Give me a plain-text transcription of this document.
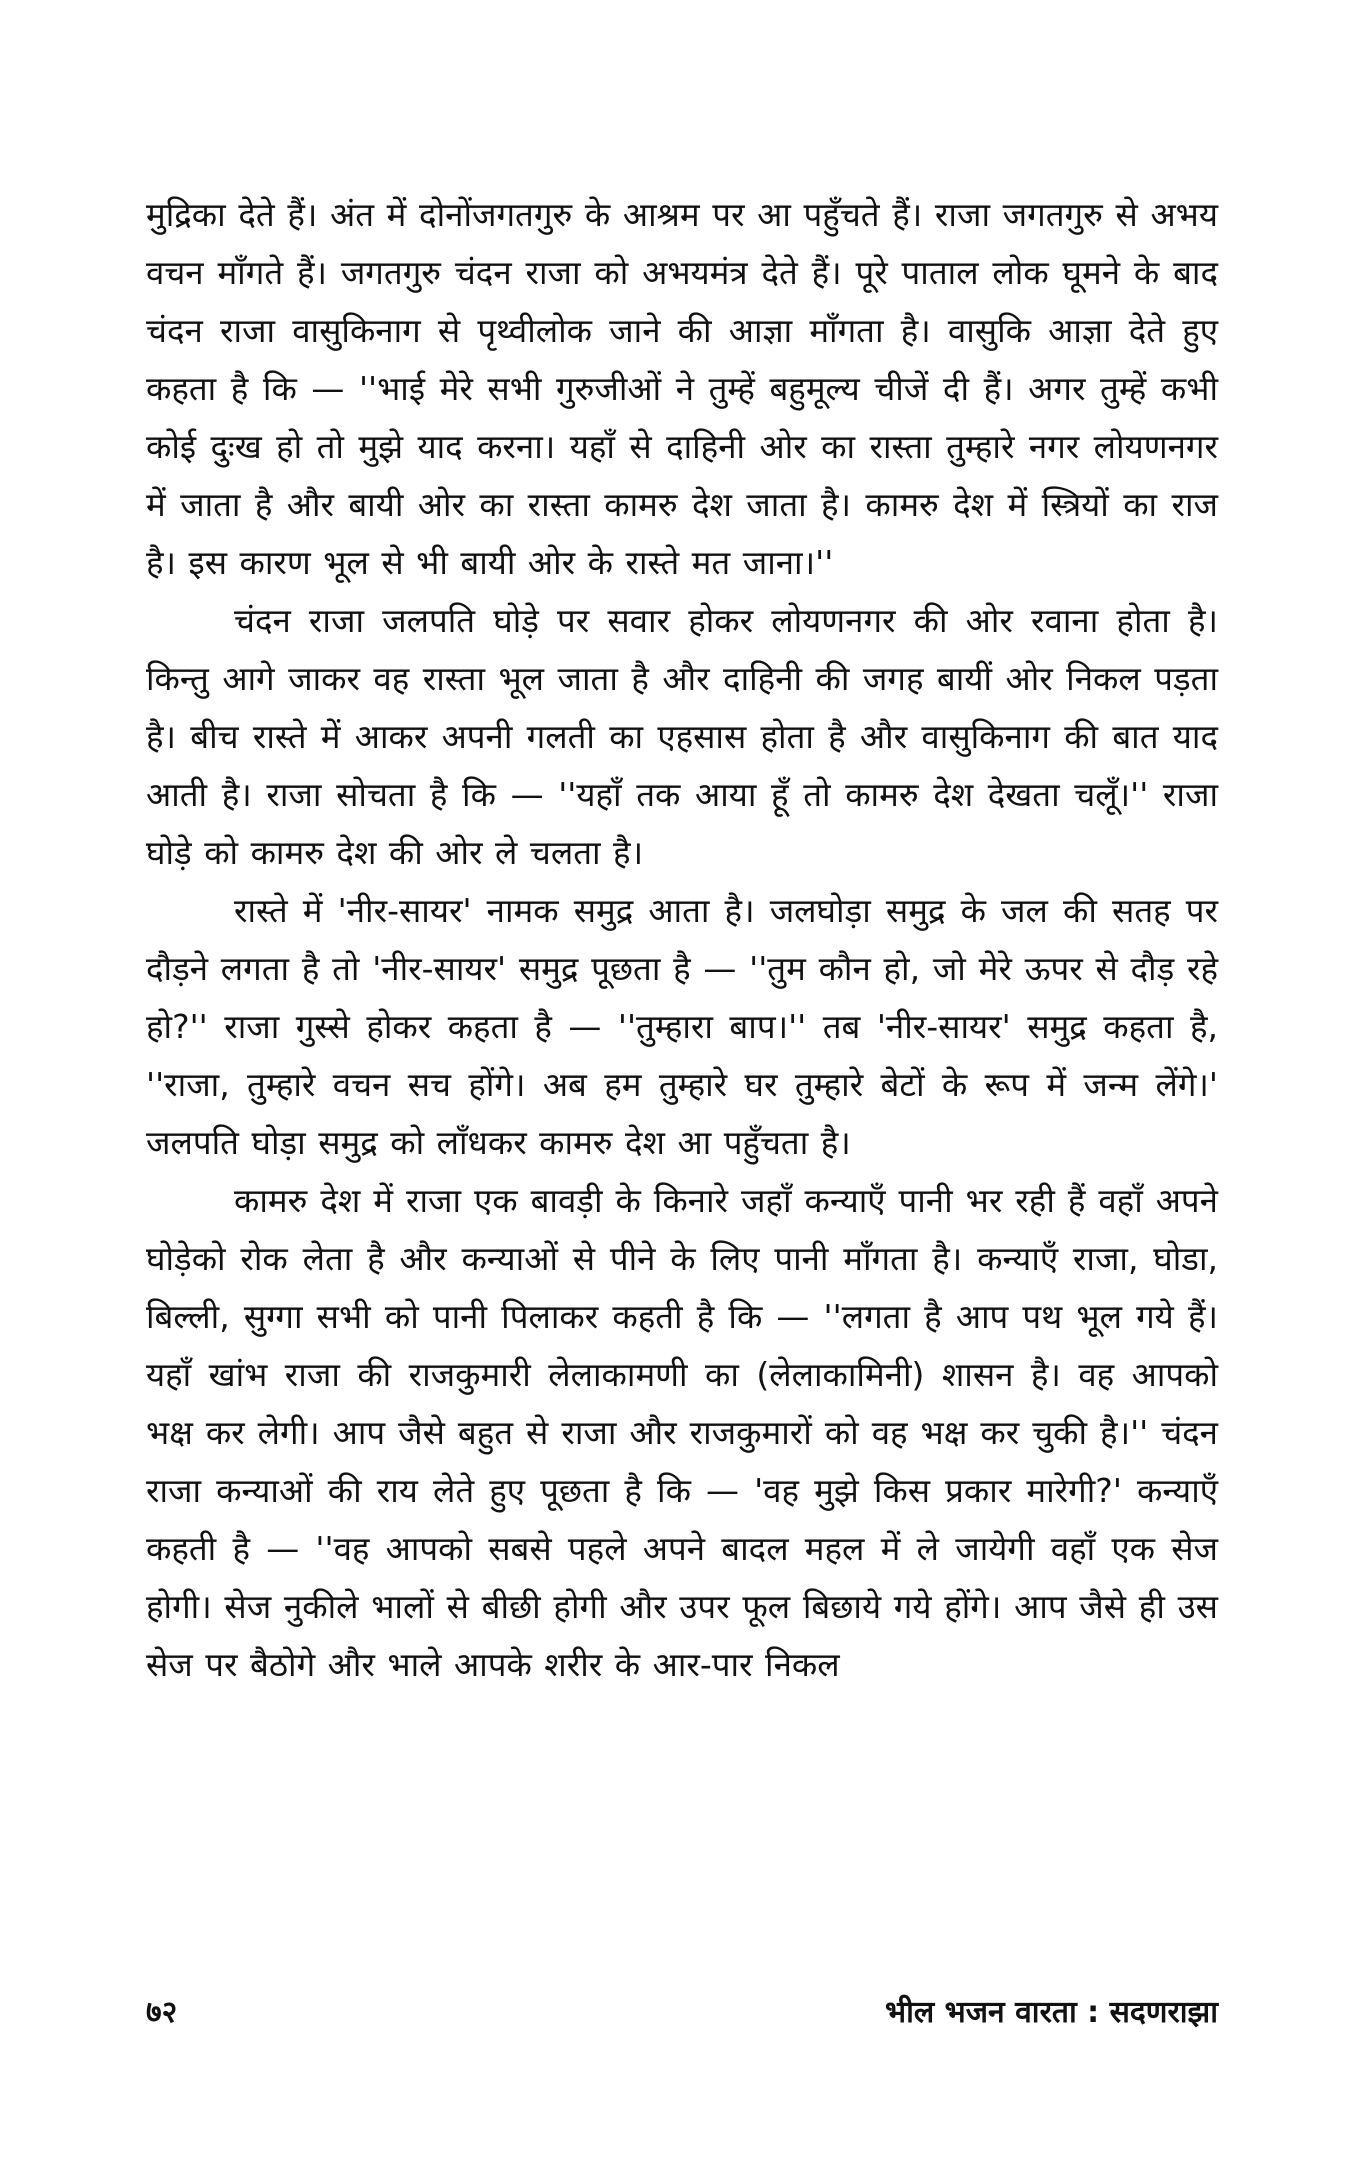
मुद्रिका देते हैं। अंत में दोनोंजगतगुरु के आश्रम पर आ पहुँचते हैं। राजा जगतगुरु से अभय वचन माँगते हैं। जगतगुरु चंदन राजा को अभयमंत्र देते हैं। पूरे पाताल लोक घूमने के बाद चंदन राजा वासुकिनाग से पृथ्वीलोक जाने की आज्ञा माँगता है। वासुकि आज्ञा देते हुए कहता है कि — ''भाई मेरे सभी गुरुजीओं ने तुम्हें बहुमूल्य चीजें दी हैं। अगर तुम्हें कभी कोई दुःख हो तो मुझे याद करना। यहाँ से दाहिनी ओर का रास्ता तुम्हारे नगर लोयणनगर में जाता है और बायी ओर का रास्ता कामरु देश जाता है। कामरु देश में स्त्रियों का राज है। इस कारण भूल से भी बायी ओर के रास्ते मत जाना।''

चंदन राजा जलपति घोड़े पर सवार होकर लोयणनगर की ओर रवाना होता है। किन्तु आगे जाकर वह रास्ता भूल जाता है और दाहिनी की जगह बायीं ओर निकल पड़ता है। बीच रास्ते में आकर अपनी गलती का एहसास होता है और वासुकिनाग की बात याद आती है। राजा सोचता है कि — ''यहाँ तक आया हूँ तो कामरु देश देखता चलूँ।'' राजा घोड़े को कामरु देश की ओर ले चलता है।

रास्ते में 'नीर-सायर' नामक समुद्र आता है। जलघोड़ा समुद्र के जल की सतह पर दौड़ने लगता है तो 'नीर-सायर' समुद्र पूछता है — ''तुम कौन हो, जो मेरे ऊपर से दौड़ रहे हो?'' राजा गुस्से होकर कहता है — ''तुम्हारा बाप।'' तब 'नीर-सायर' समुद्र कहता है, ''राजा, तुम्हारे वचन सच होंगे। अब हम तुम्हारे घर तुम्हारे बेटों के रूप में जन्म लेंगे।' जलपति घोड़ा समुद्र को लाँधकर कामरु देश आ पहुँचता है।

कामरु देश में राजा एक बावड़ी के किनारे जहाँ कन्याएँ पानी भर रही हैं वहाँ अपने घोड़ेको रोक लेता है और कन्याओं से पीने के लिए पानी माँगता है। कन्याएँ राजा, घोडा, बिल्ली, सुग्गा सभी को पानी पिलाकर कहती है कि — ''लगता है आप पथ भूल गये हैं। यहाँ खांभ राजा की राजकुमारी लेलाकामणी का (लेलाकामिनी) शासन है। वह आपको भक्ष कर लेगी। आप जैसे बहुत से राजा और राजकुमारों को वह भक्ष कर चुकी है।'' चंदन राजा कन्याओं की राय लेते हुए पूछता है कि — 'वह मुझे किस प्रकार मारेगी?' कन्याएँ कहती है — ''वह आपको सबसे पहले अपने बादल महल में ले जायेगी वहाँ एक सेज होगी। सेज नुकीले भालों से बीछी होगी और उपर फूल बिछाये गये होंगे। आप जैसे ही उस सेज पर बैठोगे और भाले आपके शरीर के आर-पार निकल

७२	भील भजन वारता : सदणराझा
